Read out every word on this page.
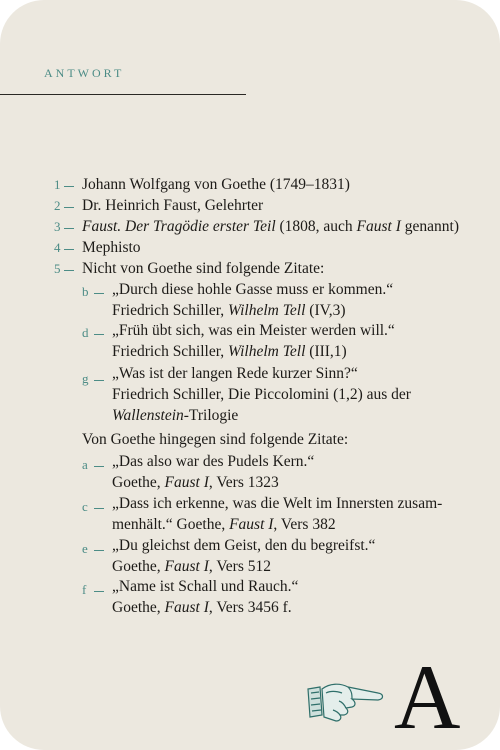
ANTWORT
1 Johann Wolfgang von Goethe (1749–1831)
2 Dr. Heinrich Faust, Gelehrter
3 Faust. Der Tragödie erster Teil (1808, auch Faust I genannt)
4 Mephisto
5 Nicht von Goethe sind folgende Zitate:
b „Durch diese hohle Gasse muss er kommen.“
Friedrich Schiller, Wilhelm Tell (IV,3)
d „Früh übt sich, was ein Meister werden will.“
Friedrich Schiller, Wilhelm Tell (III,1)
g „Was ist der langen Rede kurzer Sinn?“
Friedrich Schiller, Die Piccolomini (1,2) aus der
Wallenstein-Trilogie
Von Goethe hingegen sind folgende Zitate:
a „Das also war des Pudels Kern.“
Goethe, Faust I, Vers 1323
c „Dass ich erkenne, was die Welt im Innersten zusam-
menhält.“ Goethe, Faust I, Vers 382
e „Du gleichst dem Geist, den du begreifst.“
Goethe, Faust I, Vers 512
f „Name ist Schall und Rauch.“
Goethe, Faust I, Vers 3456 f.
A
